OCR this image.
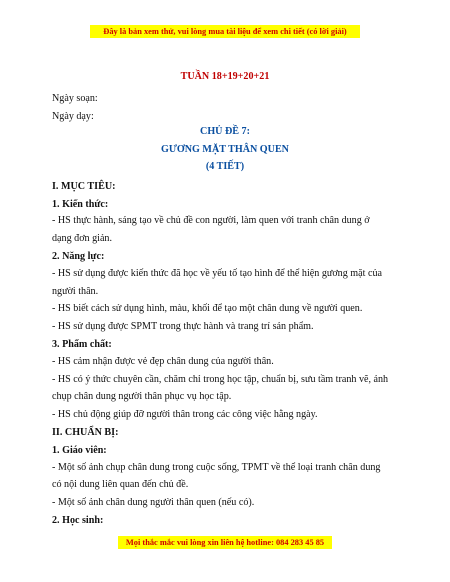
Đây là bản xem thử, vui lòng mua tài liệu để xem chi tiết (có lời giải)
TUẦN 18+19+20+21
Ngày soạn:
Ngày dạy:
CHỦ ĐỀ 7:
GƯƠNG MẶT THÂN QUEN
(4 TIẾT)
I. MỤC TIÊU:
1. Kiến thức:
- HS thực hành, sáng tạo về chủ đề con người, làm quen với tranh chân dung ở
dạng đơn giản.
2. Năng lực:
- HS sử dụng được kiến thức đã học về yếu tố tạo hình để thể hiện gương mặt của
người thân.
- HS biết cách sử dụng hình, màu, khối để tạo một chân dung về người quen.
- HS sử dụng được SPMT trong thực hành và trang trí sản phẩm.
3. Phẩm chất:
- HS cảm nhận được vẻ đẹp chân dung của người thân.
- HS có ý thức chuyên cần, chăm chỉ trong học tập, chuẩn bị, sưu tầm tranh vẽ, ảnh
chụp chân dung người thân phục vụ học tập.
- HS chủ động giúp đỡ người thân trong các công việc hằng ngày.
II. CHUẨN BỊ:
1. Giáo viên:
- Một số ảnh chụp chân dung trong cuộc sống, TPMT về thể loại tranh chân dung
có nội dung liên quan đến chủ đề.
- Một số ảnh chân dung người thân quen (nếu có).
2. Học sinh:
Mọi thắc mắc vui lòng xin liên hệ hotline: 084 283 45 85
